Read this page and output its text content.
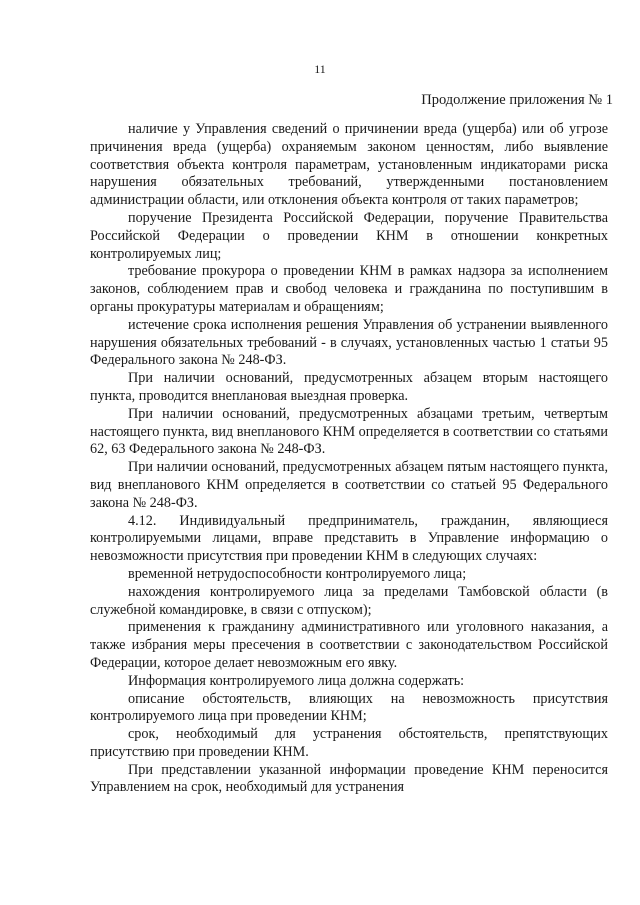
11
Продолжение приложения № 1

наличие у Управления сведений о причинении вреда (ущерба) или об угрозе причинения вреда (ущерба) охраняемым законом ценностям, либо выявление соответствия объекта контроля параметрам, установленным индикаторами риска нарушения обязательных требований, утвержденными постановлением администрации области, или отклонения объекта контроля от таких параметров;

поручение Президента Российской Федерации, поручение Правительства Российской Федерации о проведении КНМ в отношении конкретных контролируемых лиц;

требование прокурора о проведении КНМ в рамках надзора за исполнением законов, соблюдением прав и свобод человека и гражданина по поступившим в органы прокуратуры материалам и обращениям;

истечение срока исполнения решения Управления об устранении выявленного нарушения обязательных требований - в случаях, установленных частью 1 статьи 95 Федерального закона № 248-ФЗ.

При наличии оснований, предусмотренных абзацем вторым настоящего пункта, проводится внеплановая выездная проверка.

При наличии оснований, предусмотренных абзацами третьим, четвертым настоящего пункта, вид внепланового КНМ определяется в соответствии со статьями 62, 63 Федерального закона № 248-ФЗ.

При наличии оснований, предусмотренных абзацем пятым настоящего пункта, вид внепланового КНМ определяется в соответствии со статьей 95 Федерального закона № 248-ФЗ.

4.12. Индивидуальный предприниматель, гражданин, являющиеся контролируемыми лицами, вправе представить в Управление информацию о невозможности присутствия при проведении КНМ в следующих случаях:

временной нетрудоспособности контролируемого лица;

нахождения контролируемого лица за пределами Тамбовской области (в служебной командировке, в связи с отпуском);

применения к гражданину административного или уголовного наказания, а также избрания меры пресечения в соответствии с законодательством Российской Федерации, которое делает невозможным его явку.

Информация контролируемого лица должна содержать:

описание обстоятельств, влияющих на невозможность присутствия контролируемого лица при проведении КНМ;

срок, необходимый для устранения обстоятельств, препятствующих присутствию при проведении КНМ.

При представлении указанной информации проведение КНМ переносится Управлением на срок, необходимый для устранения
